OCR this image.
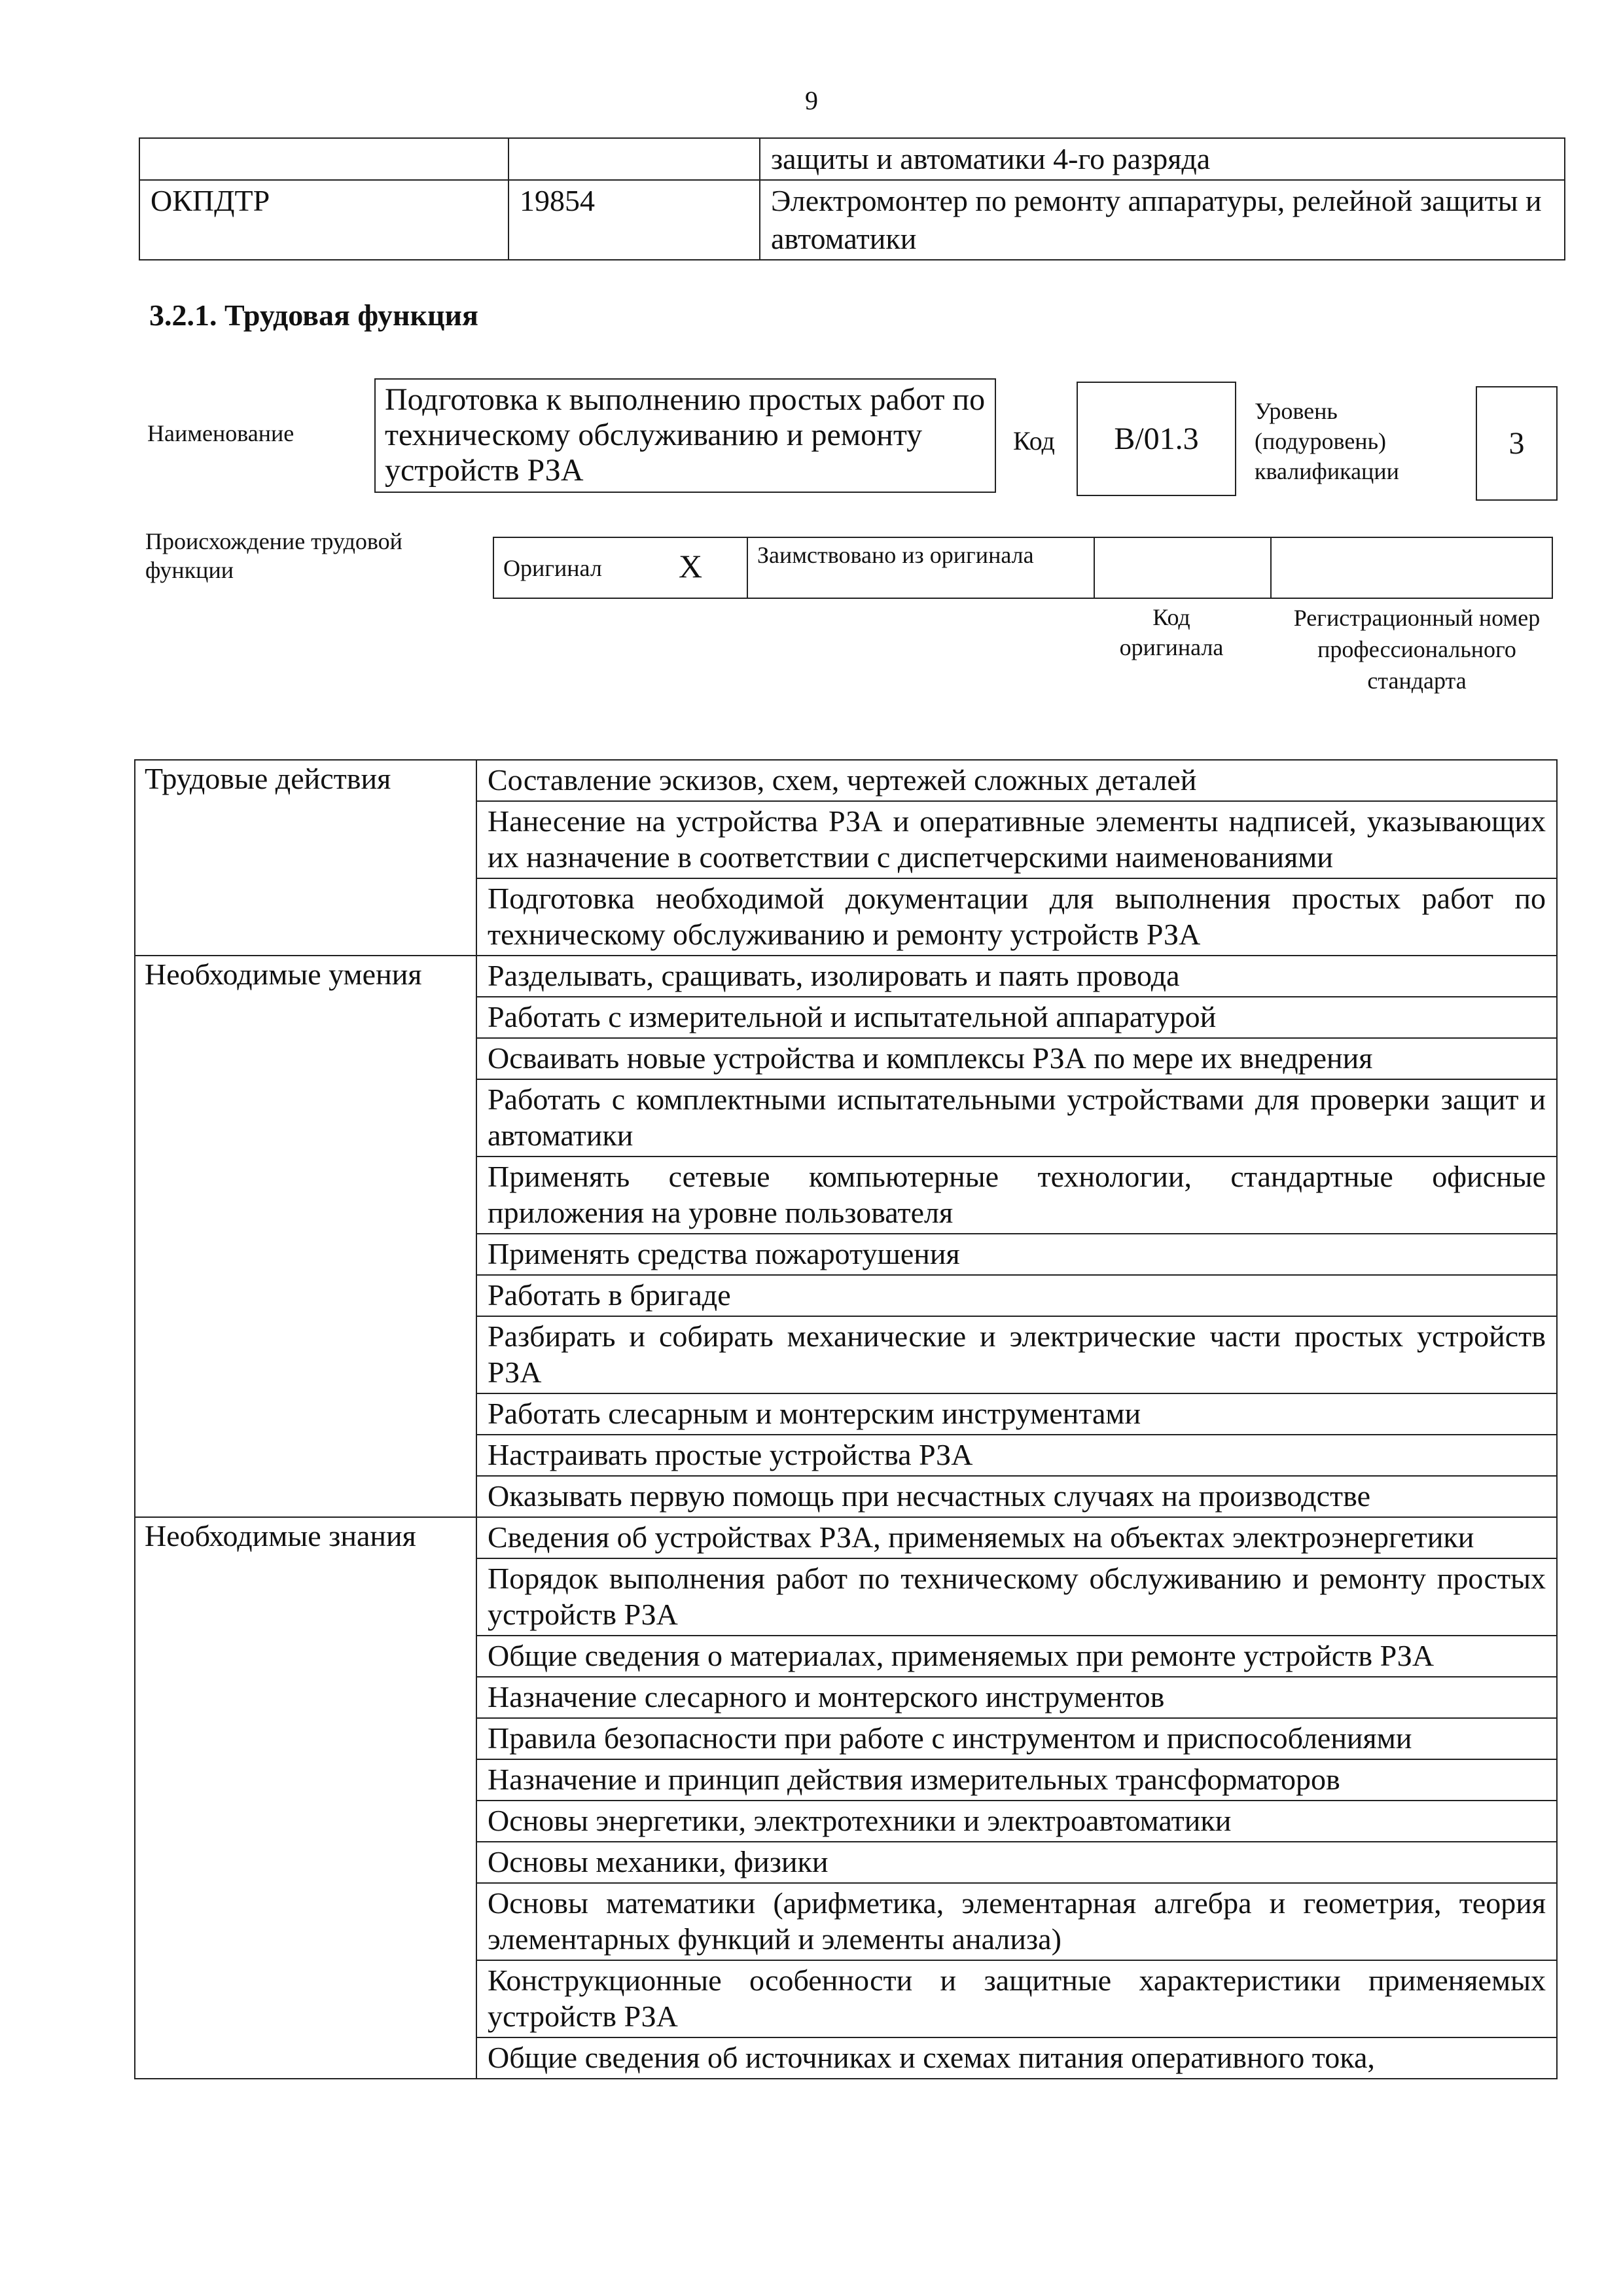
9
		защиты и автоматики 4-го разряда
ОКПДТР	19854	Электромонтер по ремонту аппаратуры, релейной защиты и автоматики
3.2.1. Трудовая функция
Наименование
Подготовка к выполнению простых работ по техническому обслуживанию и ремонту устройств РЗА
Код	B/01.3
Уровень (подуровень) квалификации
3
Происхождение трудовой функции	Оригинал	X	Заимствовано из оригинала		
Код оригинала
Регистрационный номер профессионального стандарта
Трудовые действия	Составление эскизов, схем, чертежей сложных деталей
	Нанесение на устройства РЗА и оперативные элементы надписей, указывающих их назначение в соответствии с диспетчерскими наименованиями
	Подготовка необходимой документации для выполнения простых работ по техническому обслуживанию и ремонту устройств РЗА
Необходимые умения	Разделывать, сращивать, изолировать и паять провода
	Работать с измерительной и испытательной аппаратурой
	Осваивать новые устройства и комплексы РЗА по мере их внедрения
	Работать с комплектными испытательными устройствами для проверки защит и автоматики
	Применять сетевые компьютерные технологии, стандартные офисные приложения на уровне пользователя
	Применять средства пожаротушения
	Работать в бригаде
	Разбирать и собирать механические и электрические части простых устройств РЗА
	Работать слесарным и монтерским инструментами
	Настраивать простые устройства РЗА
	Оказывать первую помощь при несчастных случаях на производстве
Необходимые знания	Сведения об устройствах РЗА, применяемых на объектах электроэнергетики
	Порядок выполнения работ по техническому обслуживанию и ремонту простых устройств РЗА
	Общие сведения о материалах, применяемых при ремонте устройств РЗА
	Назначение слесарного и монтерского инструментов
	Правила безопасности при работе с инструментом и приспособлениями
	Назначение и принцип действия измерительных трансформаторов
	Основы энергетики, электротехники и электроавтоматики
	Основы механики, физики
	Основы математики (арифметика, элементарная алгебра и геометрия, теория элементарных функций и элементы анализа)
	Конструкционные особенности и защитные характеристики применяемых устройств РЗА
	Общие сведения об источниках и схемах питания оперативного тока,
